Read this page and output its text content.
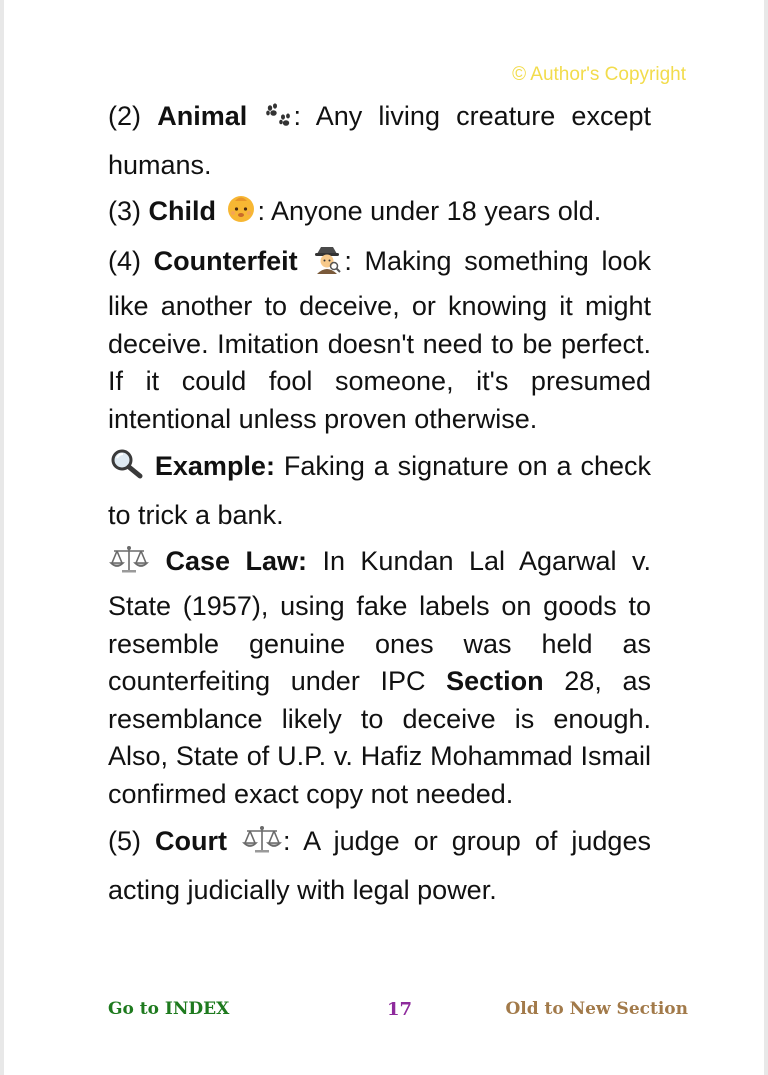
© Author's Copyright

(2) Animal : Any living creature except humans.

(3) Child : Anyone under 18 years old.

(4) Counterfeit : Making something look like another to deceive, or knowing it might deceive. Imitation doesn't need to be perfect. If it could fool someone, it's presumed intentional unless proven otherwise.

Example: Faking a signature on a check to trick a bank.

Case Law: In Kundan Lal Agarwal v. State (1957), using fake labels on goods to resemble genuine ones was held as counterfeiting under IPC Section 28, as resemblance likely to deceive is enough. Also, State of U.P. v. Hafiz Mohammad Ismail confirmed exact copy not needed.

(5) Court : A judge or group of judges acting judicially with legal power.

Go to INDEX	17	Old to New Section
